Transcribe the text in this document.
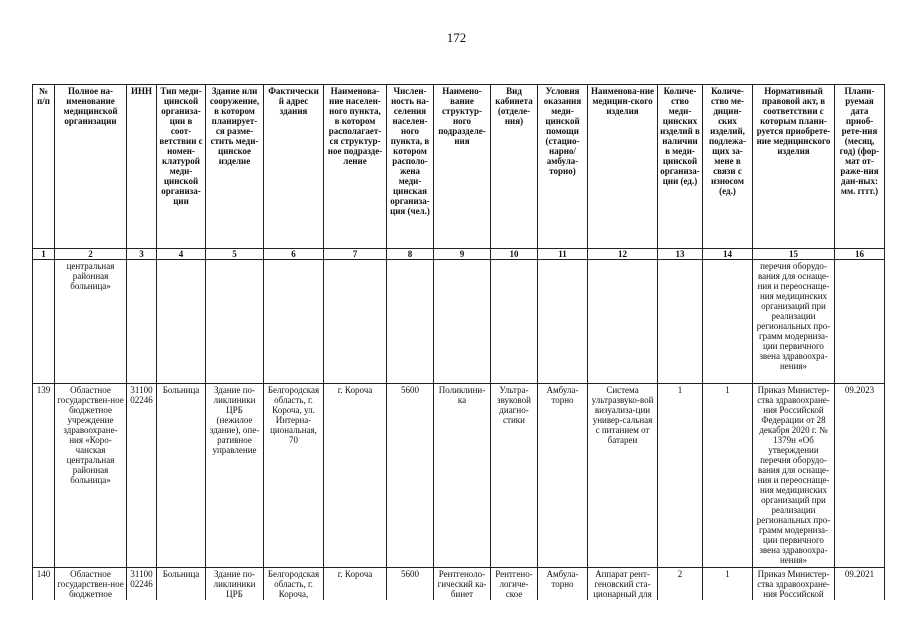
172
№ п/п	Полное на-именование медицинской организации	ИНН	Тип меди-цинской организа-ции в соот-ветствии с номен-клатурой меди-цинской организа-ции	Здание или сооружение, в котором планирует-ся разме-стить меди-цинское изделие	Фактический адрес здания	Наименова-ние населен-ного пункта, в котором располагает-ся структур-ное подразде-ление	Числен-ность на-селения населен-ного пункта, в котором располо-жена меди-цинская организа-ция (чел.)	Наимено-вание структур-ного подразделе-ния	Вид кабинета (отделе-ния)	Условия оказания меди-цинской помощи (стацио-нарно/ амбула-торно)	Наименова-ние медицин-ского изделия	Количе-ство меди-цинских изделий в наличии в меди-цинской организа-ции (ед.)	Количе-ство ме-дицин-ских изделий, подлежа-щих за-мене в связи с износом (ед.)	Нормативный правовой акт, в соответствии с которым плани-руется приобрете-ние медицинского изделия	Плани-руемая дата приоб-рете-ния (месяц, год) (фор-мат от-раже-ния дан-ных: мм. гггг.)
1	2	3	4	5	6	7	8	9	10	11	12	13	14	15	16
	центральная районная больница»													перечня оборудо-вания для оснаще-ния и переоснаще-ния медицинских организаций при реализации региональных про-грамм модерниза-ции первичного звена здравоохра-нения»	
139	Областное государствен-ное бюджетное учреждение здравоохране-ния «Коро-чанская центральная районная больница»	31100 02246	Больница	Здание по-ликлиники ЦРБ (нежилое здание), опе-ративное управление	Белгородская область, г. Короча, ул. Интерна-циональная, 70	г. Короча	5600	Поликлини-ка	Ультра-звуковой диагно-стики	Амбула-торно	Система ультразвуко-вой визуализа-ции универ-сальная с питанием от батареи	1	1	Приказ Министер-ства здравоохране-ния Российской Федерации от 28 декабря 2020 г. № 1379н «Об утверждении перечня оборудо-вания для оснаще-ния и переоснаще-ния медицинских организаций при реализации региональных про-грамм модерниза-ции первичного звена здравоохра-нения»	09.2023
140	Областное государствен-ное бюджетное	31100 02246	Больница	Здание по-ликлиники ЦРБ	Белгородская область, г. Короча,	г. Короча	5600	Рентгеноло-гический ка-бинет	Рентгено-логиче-ское	Амбула-торно	Аппарат рент-геновский ста-ционарный для	2	1	Приказ Министер-ства здравоохране-ния Российской	09.2021
